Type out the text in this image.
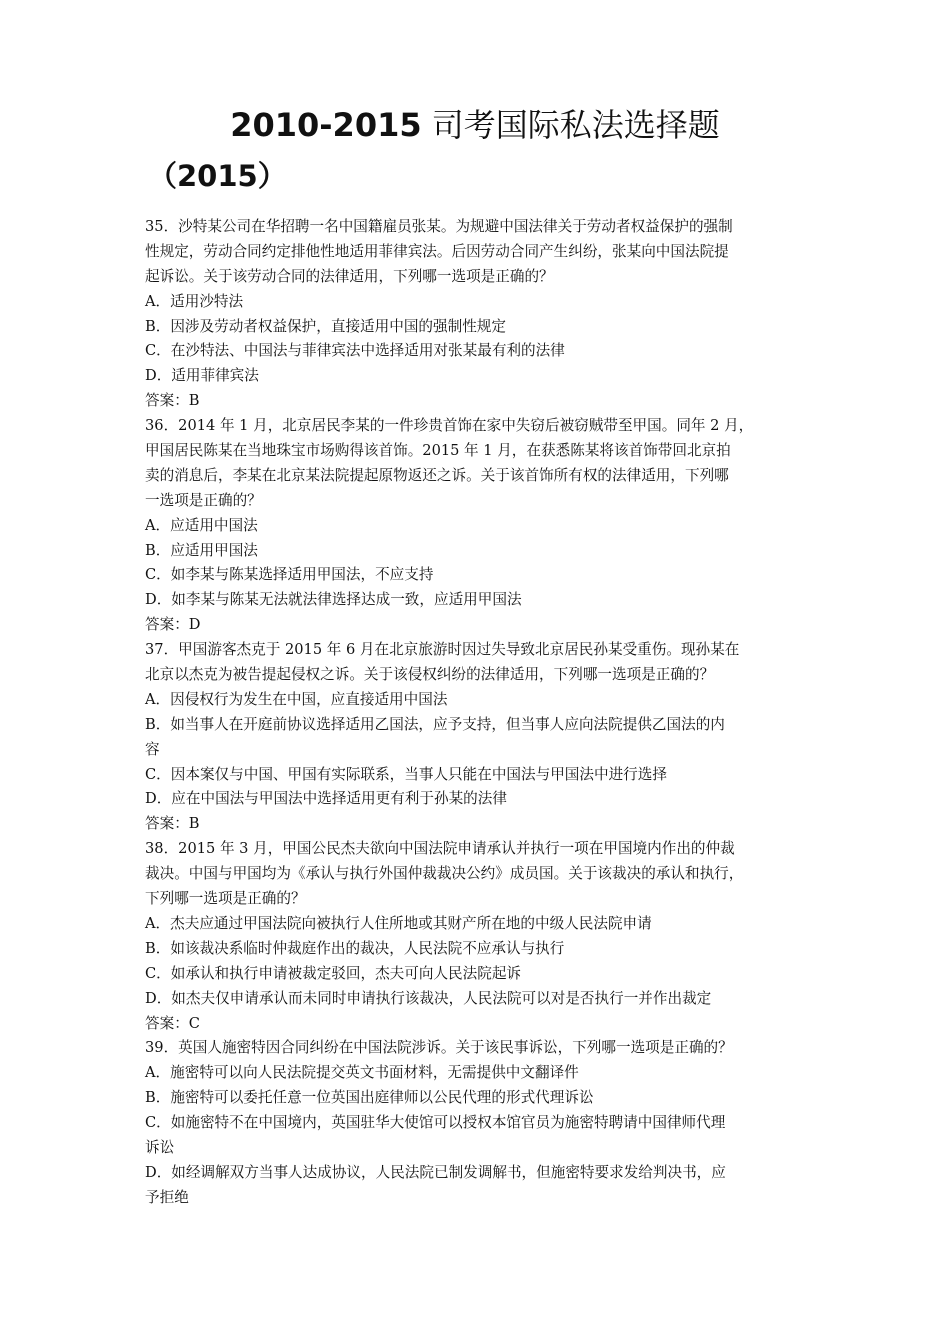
2010-2015 司考国际私法选择题
（2015）
35．沙特某公司在华招聘一名中国籍雇员张某。为规避中国法律关于劳动者权益保护的强制
性规定，劳动合同约定排他性地适用菲律宾法。后因劳动合同产生纠纷，张某向中国法院提
起诉讼。关于该劳动合同的法律适用，下列哪一选项是正确的？
A．适用沙特法
B．因涉及劳动者权益保护，直接适用中国的强制性规定
C．在沙特法、中国法与菲律宾法中选择适用对张某最有利的法律
D．适用菲律宾法
答案：B
36．2014 年 1 月，北京居民李某的一件珍贵首饰在家中失窃后被窃贼带至甲国。同年 2 月，
甲国居民陈某在当地珠宝市场购得该首饰。2015 年 1 月，在获悉陈某将该首饰带回北京拍
卖的消息后，李某在北京某法院提起原物返还之诉。关于该首饰所有权的法律适用，下列哪
一选项是正确的？
A．应适用中国法
B．应适用甲国法
C．如李某与陈某选择适用甲国法，不应支持
D．如李某与陈某无法就法律选择达成一致，应适用甲国法
答案：D
37．甲国游客杰克于 2015 年 6 月在北京旅游时因过失导致北京居民孙某受重伤。现孙某在
北京以杰克为被告提起侵权之诉。关于该侵权纠纷的法律适用，下列哪一选项是正确的？
A．因侵权行为发生在中国，应直接适用中国法
B．如当事人在开庭前协议选择适用乙国法，应予支持，但当事人应向法院提供乙国法的内
容
C．因本案仅与中国、甲国有实际联系，当事人只能在中国法与甲国法中进行选择
D．应在中国法与甲国法中选择适用更有利于孙某的法律
答案：B
38．2015 年 3 月，甲国公民杰夫欲向中国法院申请承认并执行一项在甲国境内作出的仲裁
裁决。中国与甲国均为《承认与执行外国仲裁裁决公约》成员国。关于该裁决的承认和执行，
下列哪一选项是正确的？
A．杰夫应通过甲国法院向被执行人住所地或其财产所在地的中级人民法院申请
B．如该裁决系临时仲裁庭作出的裁决，人民法院不应承认与执行
C．如承认和执行申请被裁定驳回，杰夫可向人民法院起诉
D．如杰夫仅申请承认而未同时申请执行该裁决，人民法院可以对是否执行一并作出裁定
答案：C
39．英国人施密特因合同纠纷在中国法院涉诉。关于该民事诉讼，下列哪一选项是正确的？
A．施密特可以向人民法院提交英文书面材料，无需提供中文翻译件
B．施密特可以委托任意一位英国出庭律师以公民代理的形式代理诉讼
C．如施密特不在中国境内，英国驻华大使馆可以授权本馆官员为施密特聘请中国律师代理
诉讼
D．如经调解双方当事人达成协议，人民法院已制发调解书，但施密特要求发给判决书，应
予拒绝
